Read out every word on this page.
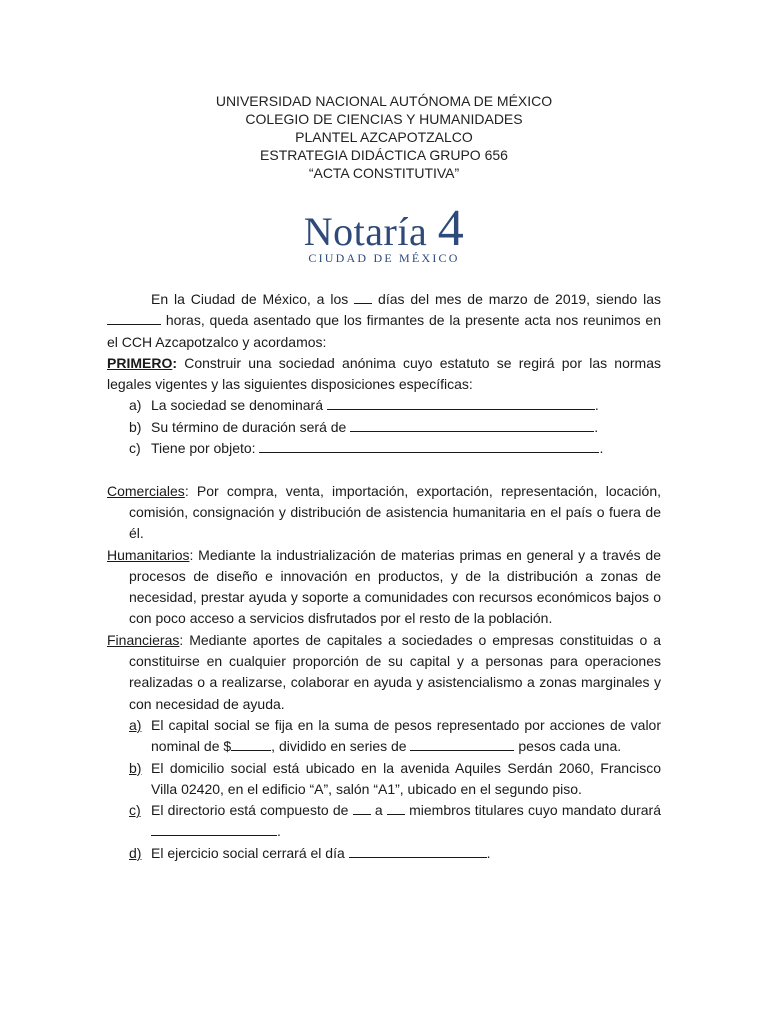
UNIVERSIDAD NACIONAL AUTÓNOMA DE MÉXICO
COLEGIO DE CIENCIAS Y HUMANIDADES
PLANTEL AZCAPOTZALCO
ESTRATEGIA DIDÁCTICA GRUPO 656
“ACTA CONSTITUTIVA”
Notaría 4
CIUDAD DE MÉXICO

En la Ciudad de México, a los  días del mes de marzo de 2019, siendo las  horas, queda asentado que los firmantes de la presente acta nos reunimos en el CCH Azcapotzalco y acordamos:

PRIMERO: Construir una sociedad anónima cuyo estatuto se regirá por las normas legales vigentes y las siguientes disposiciones específicas:

a) La sociedad se denominará	.

b) Su término de duración será de	.

c) Tiene por objeto:	.

Comerciales: Por compra, venta, importación, exportación, representación, locación, comisión, consignación y distribución de asistencia humanitaria en el país o fuera de él.

Humanitarios: Mediante la industrialización de materias primas en general y a través de procesos de diseño e innovación en productos, y de la distribución a zonas de necesidad, prestar ayuda y soporte a comunidades con recursos económicos bajos o con poco acceso a servicios disfrutados por el resto de la población.

Financieras: Mediante aportes de capitales a sociedades o empresas constituidas o a constituirse en cualquier proporción de su capital y a personas para operaciones realizadas o a realizarse, colaborar en ayuda y asistencialismo a zonas marginales y con necesidad de ayuda.

a) El capital social se fija en la suma de pesos representado por acciones de valor nominal de $	, dividido en series de	pesos cada una.

b) El domicilio social está ubicado en la avenida Aquiles Serdán 2060, Francisco Villa 02420, en el edificio “A”, salón “A1”, ubicado en el segundo piso.

c) El directorio está compuesto de  a  miembros titulares cuyo mandato durará .

d) El ejercicio social cerrará el día	.
